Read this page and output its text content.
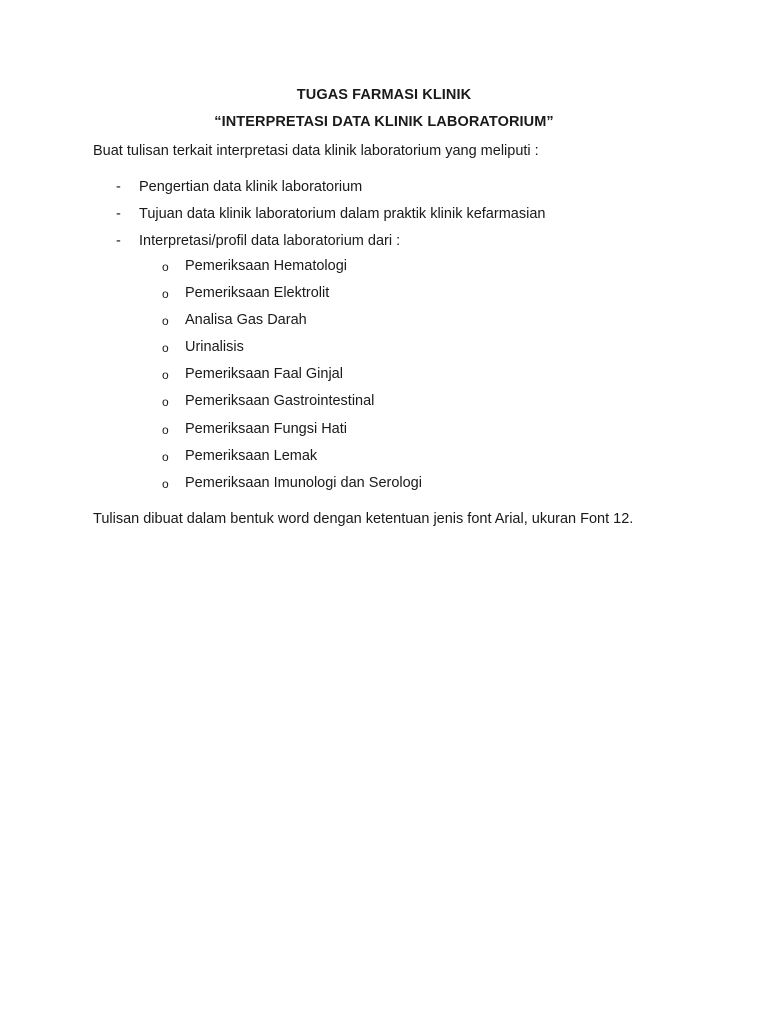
TUGAS FARMASI KLINIK
“INTERPRETASI DATA KLINIK LABORATORIUM”
Buat tulisan terkait interpretasi data klinik laboratorium yang meliputi :
- Pengertian data klinik laboratorium
- Tujuan data klinik laboratorium dalam praktik klinik kefarmasian
- Interpretasi/profil data laboratorium dari :
o Pemeriksaan Hematologi
o Pemeriksaan Elektrolit
o Analisa Gas Darah
o Urinalisis
o Pemeriksaan Faal Ginjal
o Pemeriksaan Gastrointestinal
o Pemeriksaan Fungsi Hati
o Pemeriksaan Lemak
o Pemeriksaan Imunologi dan Serologi
Tulisan dibuat dalam bentuk word dengan ketentuan jenis font Arial, ukuran Font 12.
